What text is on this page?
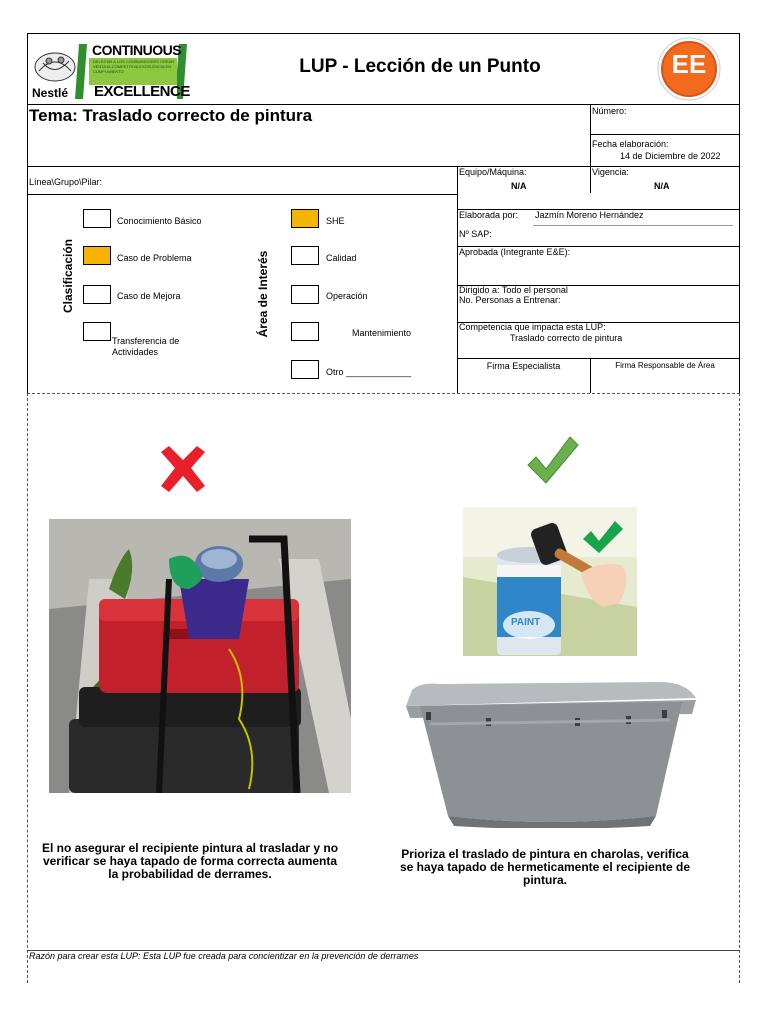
CONTINUOUS
DELEITAR A LOS CONSUMIDORES CREAR VENTAJA COMPETITIVA EXCELENCIA EN CUMPLIMIENTO
EXCELLENCE
Nestlé
LUP - Lección de un Punto	EE
Tema: Traslado correcto de pintura	Número:
Fecha elaboración:
14 de Diciembre de 2022
Línea\Grupo\Pilar:
Equipo/Máquina:
N/A
Vigencia:
N/A
Clasificación
Conocimiento Básico
Caso de Problema
Caso de Mejora
Transferencia de Actividades
Área de Interés
SHE
Calidad
Operación
Mantenimiento
Otro _____________
Elaborada por: Jazmín Moreno Hernández
Nº SAP:
Aprobada (Integrante E&E):
Dirigido a: Todo el personal
No. Personas a Entrenar:
Competencia que impacta esta LUP:
Traslado correcto de pintura
Firma Especialista	Firma Responsable de Área
El no asegurar el recipiente pintura al trasladar y no verificar se haya tapado de forma correcta aumenta la probabilidad de derrames.
PAINT
Prioriza el traslado de pintura en charolas, verifica se haya tapado de hermeticamente el recipiente de pintura.
Razón para crear esta LUP: Esta LUP fue creada para concientizar en la prevención de derrames
